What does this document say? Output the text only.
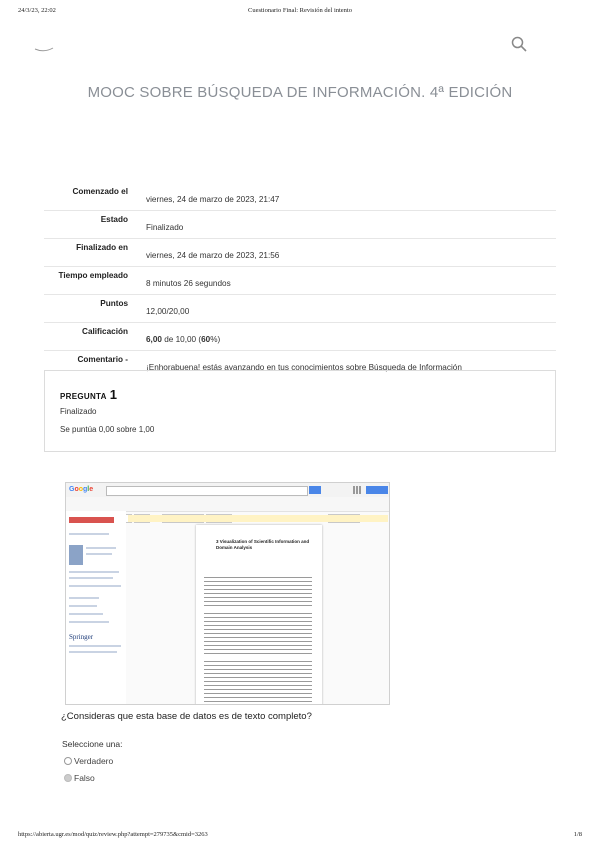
24/3/23, 22:02	Cuestionario Final: Revisión del intento
MOOC SOBRE BÚSQUEDA DE INFORMACIÓN. 4ª EDICIÓN
Comenzado el	viernes, 24 de marzo de 2023, 21:47
Estado	Finalizado
Finalizado en	viernes, 24 de marzo de 2023, 21:56
Tiempo empleado	8 minutos 26 segundos
Puntos	12,00/20,00
Calificación	6,00 de 10,00 (60%)
Comentario -	¡Enhorabuena! estás avanzando en tus conocimientos sobre Búsqueda de Información
PREGUNTA 1
Finalizado
Se puntúa 0,00 sobre 1,00
Google
Springer
3 Visualization of Scientific Information and Domain Analysis
¿Consideras que esta base de datos es de texto completo?
Seleccione una:
Verdadero
Falso
https://abierta.ugr.es/mod/quiz/review.php?attempt=279735&cmid=3263	1/8
